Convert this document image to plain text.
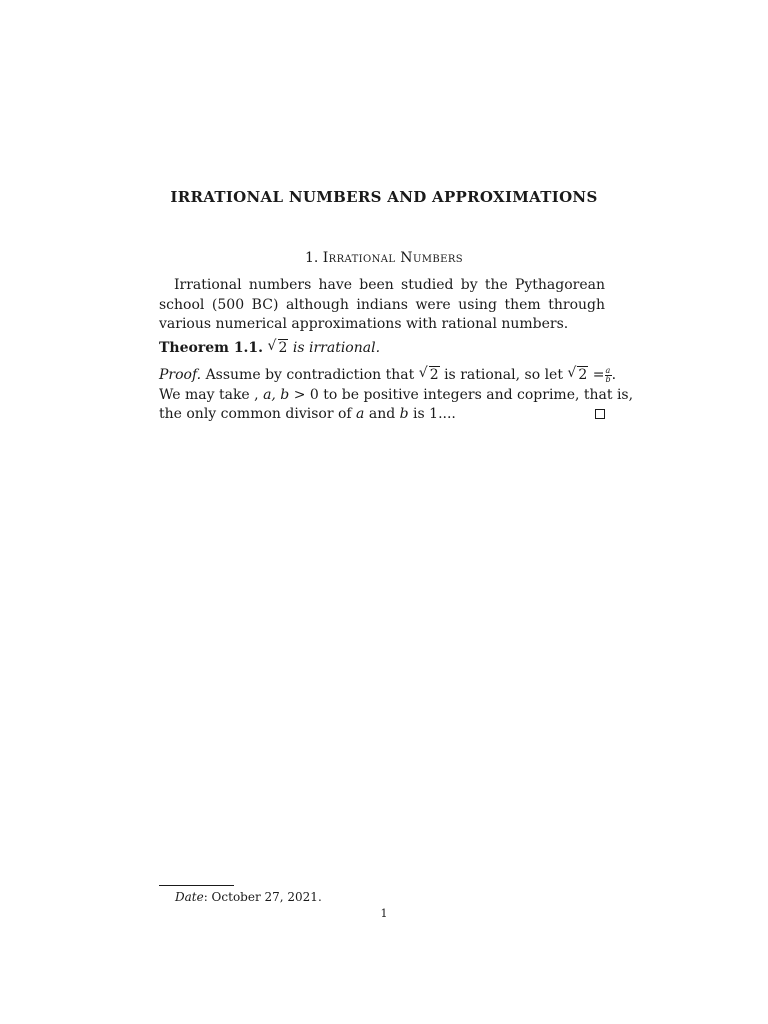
IRRATIONAL NUMBERS AND APPROXIMATIONS
1. Irrational Numbers
Irrational numbers have been studied by the Pythagorean school (500 BC) although indians were using them through various numerical approximations with rational numbers.
Theorem 1.1. √ 2 is irrational.
Proof. Assume by contradiction that √ 2 is rational, so let √ $2 = \frac{a}{b}$ .
We may take , a, b > 0 to be positive integers and coprime, that is,
the only common divisor of a and b is 1....
Date: October 27, 2021.
1
